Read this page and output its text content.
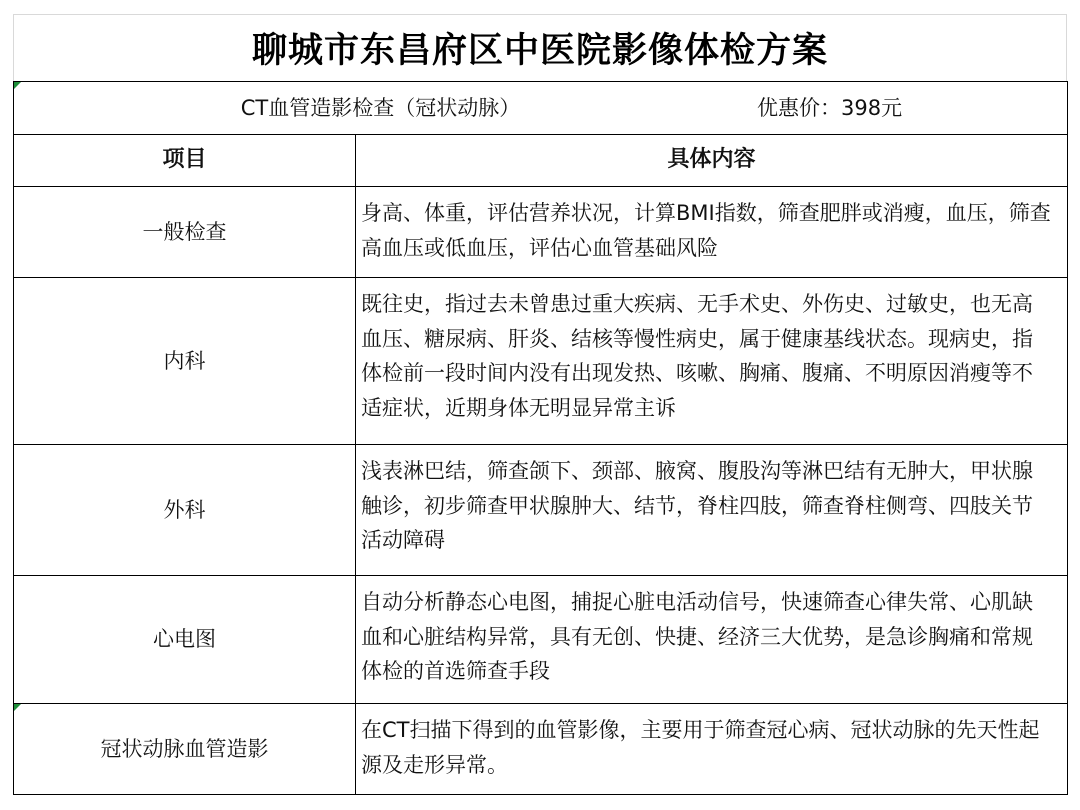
聊城市东昌府区中医院影像体检方案
CT血管造影检查（冠状动脉） 优惠价：398元	

项目	具体内容
一般检查	身高、体重，评估营养状况，计算BMI指数，筛查肥胖或消瘦，血压，筛查高血压或低血压，评估心血管基础风险
内科	既往史，指过去未曾患过重大疾病、无手术史、外伤史、过敏史，也无高血压、糖尿病、肝炎、结核等慢性病史，属于健康基线状态。现病史，指体检前一段时间内没有出现发热、咳嗽、胸痛、腹痛、不明原因消瘦等不适症状，近期身体无明显异常主诉
外科	浅表淋巴结，筛查颌下、颈部、腋窝、腹股沟等淋巴结有无肿大，甲状腺触诊，初步筛查甲状腺肿大、结节，脊柱四肢，筛查脊柱侧弯、四肢关节活动障碍
心电图	自动分析静态心电图，捕捉心脏电活动信号，快速筛查心律失常、心肌缺血和心脏结构异常，具有无创、快捷、经济三大优势，是急诊胸痛和常规体检的首选筛查手段

冠状动脉血管造影	在CT扫描下得到的血管影像，主要用于筛查冠心病、冠状动脉的先天性起源及走形异常。
